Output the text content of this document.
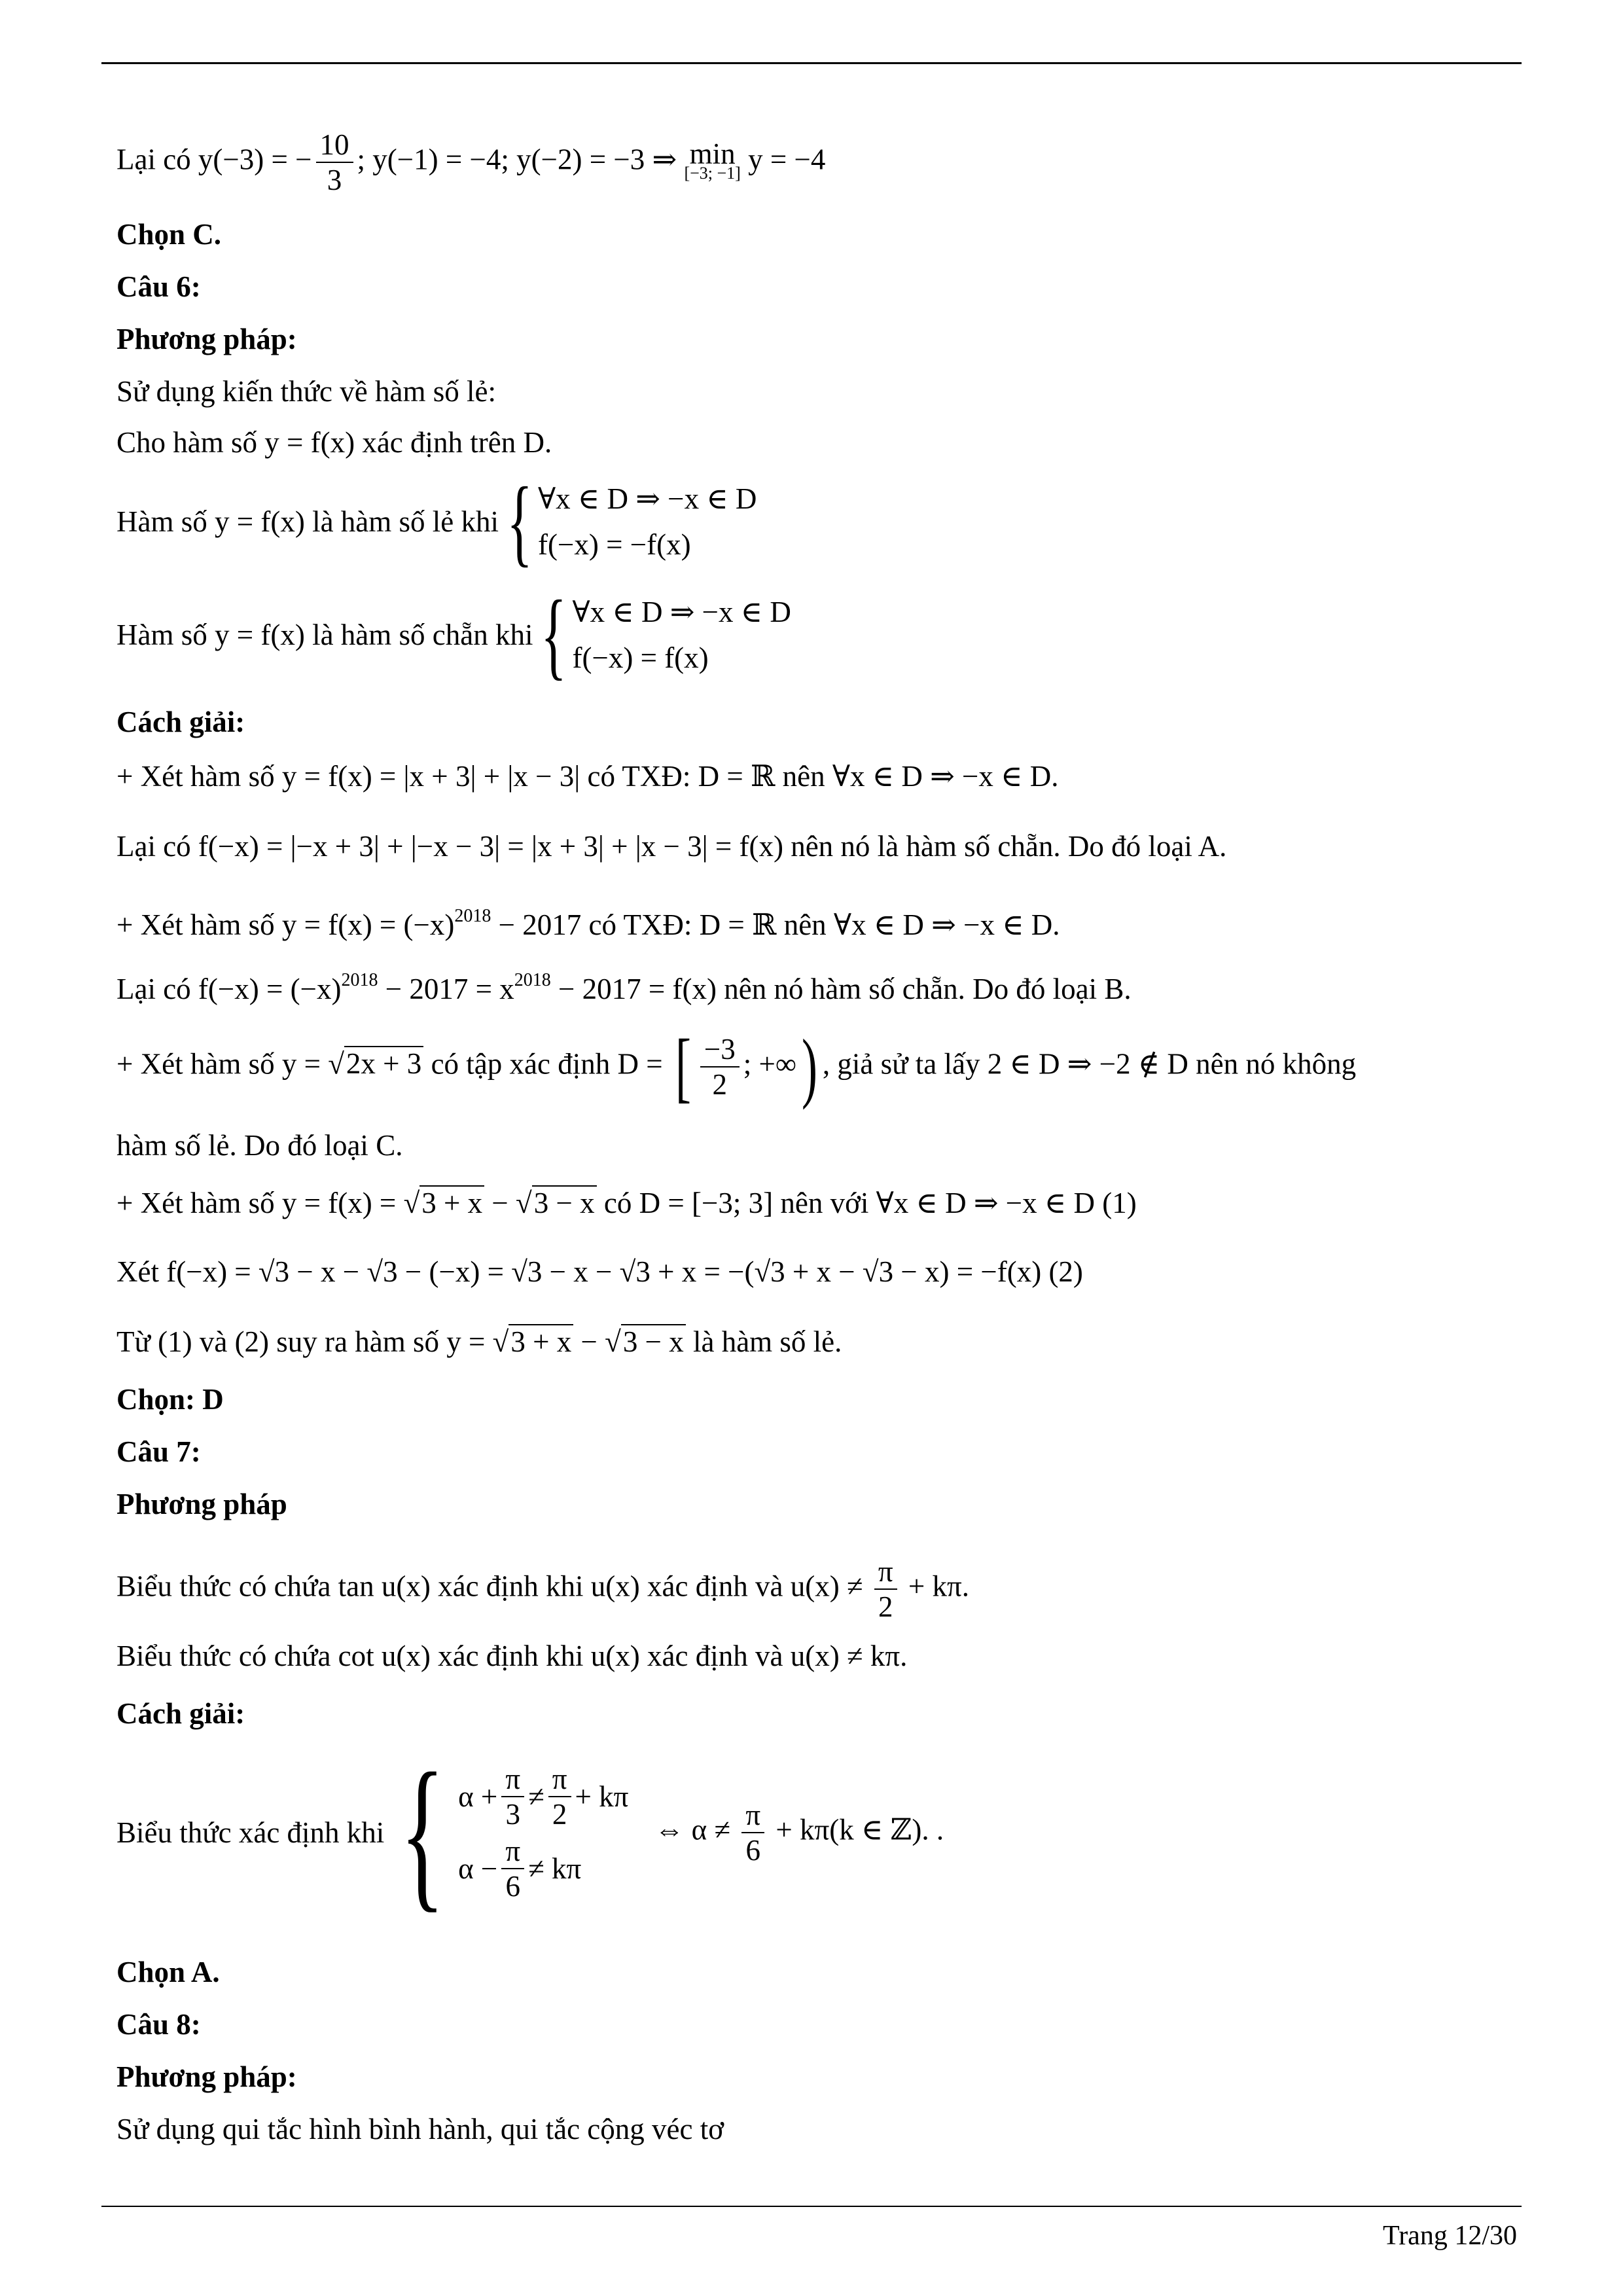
Lại có y(−3) = − $\frac{10}{3}$ ; y(−1) = −4; y(−2) = −3 ⇒ min
[−3; −1] y = −4
Chọn C.
Câu 6:
Phương pháp:
Sử dụng kiến thức về hàm số lẻ:
Cho hàm số y = f(x) xác định trên D.
Hàm số y = f(x) là hàm số lẻ khi { ∀x ∈ D ⇒ −x ∈ D
f(−x) = −f(x)
Hàm số y = f(x) là hàm số chẵn khi { ∀x ∈ D ⇒ −x ∈ D
f(−x) = f(x)
Cách giải:
+ Xét hàm số y = f(x) = |x + 3| + |x − 3| có TXĐ: D = ℝ nên ∀x ∈ D ⇒ −x ∈ D.
Lại có f(−x) = |−x + 3| + |−x − 3| = |x + 3| + |x − 3| = f(x) nên nó là hàm số chẵn. Do đó loại A.
+ Xét hàm số $y = f(x) = (-x)^{2018} - 2017$ có TXĐ: D = ℝ nên ∀x ∈ D ⇒ −x ∈ D.
Lại có $f(-x) = (-x)^{2018} - 2017 = x^{2018} - 2017 = f(x)$ nên nó hàm số chẵn. Do đó loại B.
+ Xét hàm số y = √2x + 3 có tập xác định D = [ $\frac{-3}{2}$ ; +∞) , giả sử ta lấy 2 ∈ D ⇒ −2 ∉ D nên nó không
hàm số lẻ. Do đó loại C.
+ Xét hàm số y = f(x) = √3 + x − √3 − x có D = [−3; 3] nên với ∀x ∈ D ⇒ −x ∈ D (1)
Xét f(−x) = √3 − x − √3 − (−x) = √3 − x − √3 + x = −(√3 + x − √3 − x) = −f(x) (2)
Từ (1) và (2) suy ra hàm số y = √3 + x − √3 − x là hàm số lẻ.
Chọn: D
Câu 7:
Phương pháp
Biểu thức có chứa tan u(x) xác định khi u(x) xác định và $u(x) \ne \frac{\pi}{2} + k\pi$.
Biểu thức có chứa cot u(x) xác định khi u(x) xác định và u(x) ≠ kπ.
Cách giải:
Biểu thức xác định khi { $\alpha + \frac{\pi}{3} \ne \frac{\pi}{2} + k\pi$
$\alpha - \frac{\pi}{6} \ne k\pi$
⇔ $\alpha \ne \frac{\pi}{6} + k\pi(k$ ∈ ℤ). .
Chọn A.
Câu 8:
Phương pháp:
Sử dụng qui tắc hình bình hành, qui tắc cộng véc tơ
Trang 12/30
